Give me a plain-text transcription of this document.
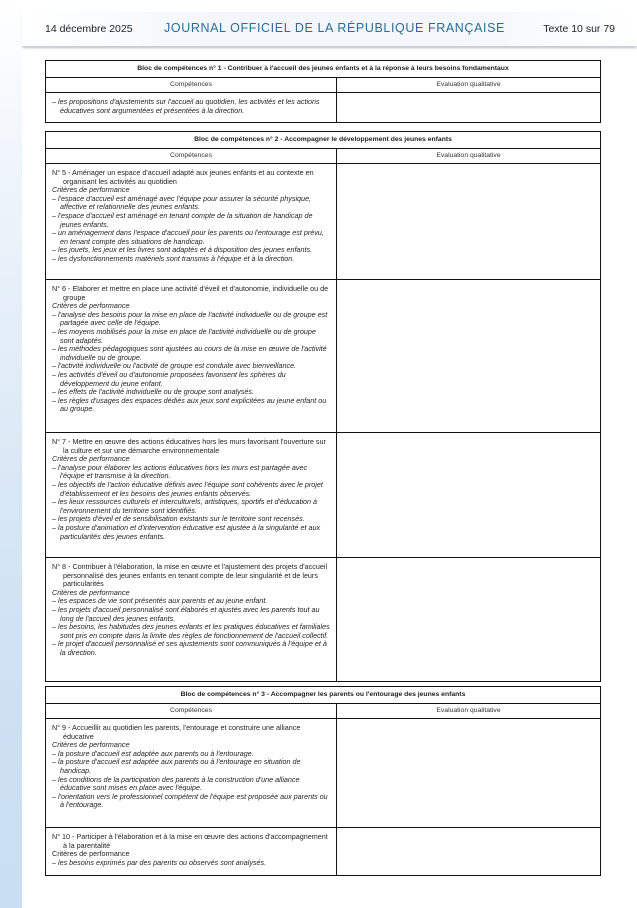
14 décembre 2025	JOURNAL OFFICIEL DE LA RÉPUBLIQUE FRANÇAISE	Texte 10 sur 79
Bloc de compétences n° 1 - Contribuer à l'accueil des jeunes enfants et à la réponse à leurs besoins fondamentaux	
Compétences	Evaluation qualitative

– les propositions d'ajustements sur l'accueil au quotidien, les activités et les actions éducatives sont argumentées et présentées à la direction.

Bloc de compétences n° 2 - Accompagner le développement des jeunes enfants	
Compétences	Evaluation qualitative

N° 5 - Aménager un espace d'accueil adapté aux jeunes enfants et au contexte en organisant les activités au quotidien
Critères de performance
– l'espace d'accueil est aménagé avec l'équipe pour assurer la sécurité physique, affective et relationnelle des jeunes enfants.
– l'espace d'accueil est aménagé en tenant compte de la situation de handicap de jeunes enfants.
– un aménagement dans l'espace d'accueil pour les parents ou l'entourage est prévu, en tenant compte des situations de handicap.
– les jouets, les jeux et les livres sont adaptés et à disposition des jeunes enfants.
– les dysfonctionnements matériels sont transmis à l'équipe et à la direction.

N° 6 - Elaborer et mettre en place une activité d'éveil et d'autonomie, individuelle ou de groupe
Critères de performance
– l'analyse des besoins pour la mise en place de l'activité individuelle ou de groupe est partagée avec celle de l'équipe.
– les moyens mobilisés pour la mise en place de l'activité individuelle ou de groupe sont adaptés.
– les méthodes pédagogiques sont ajustées au cours de la mise en œuvre de l'activité individuelle ou de groupe.
– l'activité individuelle ou l'activité de groupe est conduite avec bienveillance.
– les activités d'éveil ou d'autonomie proposées favorisent les sphères du développement du jeune enfant.
– les effets de l'activité individuelle ou de groupe sont analysés.
– les règles d'usages des espaces dédiés aux jeux sont explicitées au jeune enfant ou au groupe.

N° 7 - Mettre en œuvre des actions éducatives hors les murs favorisant l'ouverture sur la culture et sur une démarche environnementale
Critères de performance
– l'analyse pour élaborer les actions éducatives hors les murs est partagée avec l'équipe et transmise à la direction.
– les objectifs de l'action éducative définis avec l'équipe sont cohérents avec le projet d'établissement et les besoins des jeunes enfants observés.
– les lieux ressources culturels et interculturels, artistiques, sportifs et d'éducation à l'environnement du territoire sont identifiés.
– les projets d'éveil et de sensibilisation existants sur le territoire sont recensés.
– la posture d'animation et d'intervention éducative est ajustée à la singularité et aux particularités des jeunes enfants.

N° 8 - Contribuer à l'élaboration, la mise en œuvre et l'ajustement des projets d'accueil personnalisé des jeunes enfants en tenant compte de leur singularité et de leurs particularités
Critères de performance
– les espaces de vie sont présentés aux parents et au jeune enfant.
– les projets d'accueil personnalisé sont élaborés et ajustés avec les parents tout au long de l'accueil des jeunes enfants.
– les besoins, les habitudes des jeunes enfants et les pratiques éducatives et familiales sont pris en compte dans la limite des règles de fonctionnement de l'accueil collectif.
– le projet d'accueil personnalisé et ses ajustements sont communiqués à l'équipe et à la direction.

Bloc de compétences n° 3 - Accompagner les parents ou l'entourage des jeunes enfants	
Compétences	Evaluation qualitative

N° 9 - Accueillir au quotidien les parents, l'entourage et construire une alliance éducative
Critères de performance
– la posture d'accueil est adaptée aux parents ou à l'entourage.
– la posture d'accueil est adaptée aux parents ou à l'entourage en situation de handicap.
– les conditions de la participation des parents à la construction d'une alliance éducative sont mises en place avec l'équipe.
– l'orientation vers le professionnel compétent de l'équipe est proposée aux parents ou à l'entourage.

N° 10 - Participer à l'élaboration et à la mise en œuvre des actions d'accompagnement à la parentalité
Critères de performance
– les besoins exprimés par des parents ou observés sont analysés.
